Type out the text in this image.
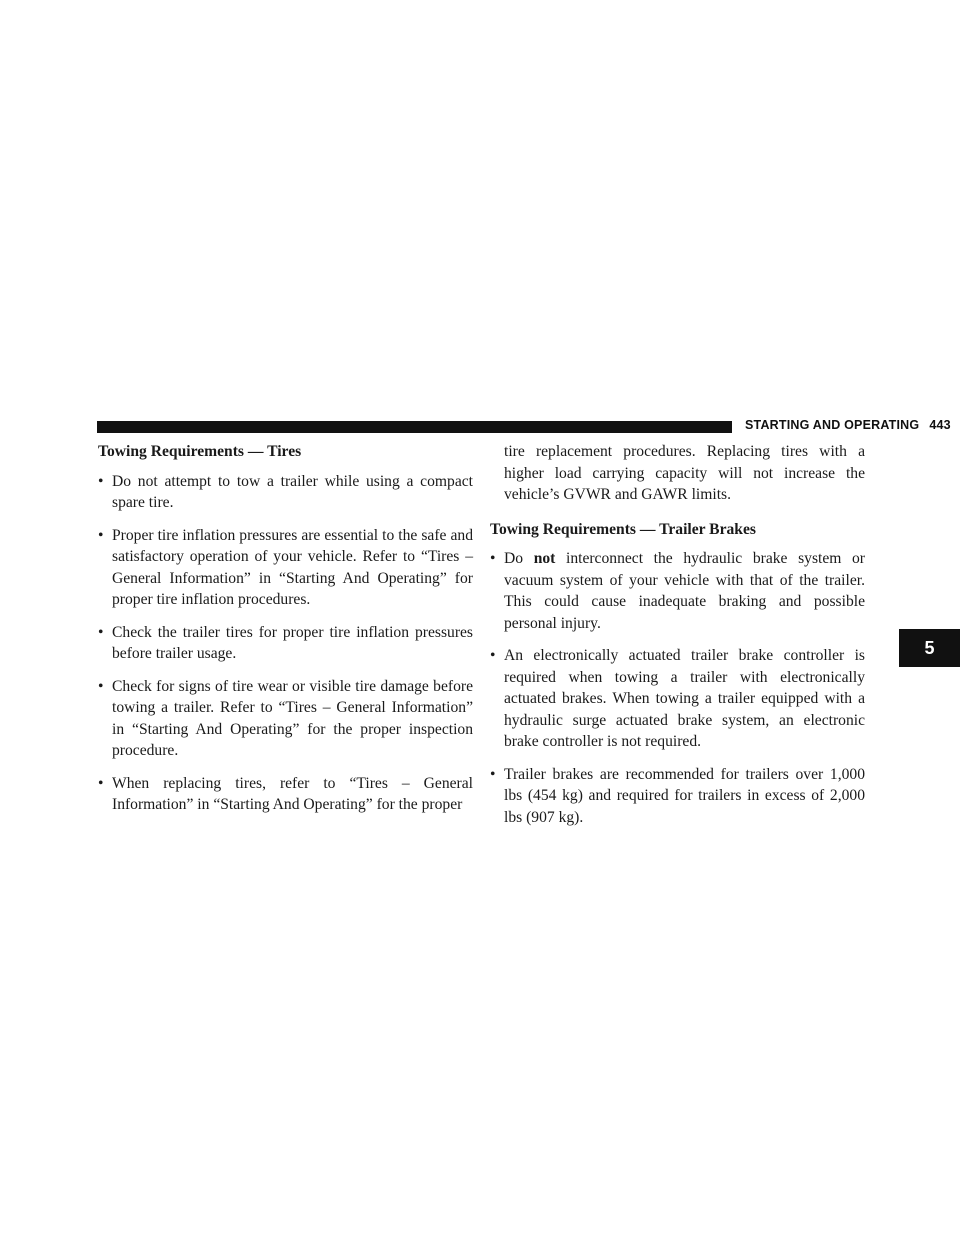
STARTING AND OPERATING 443
5
Towing Requirements — Tires
• Do not attempt to tow a trailer while using a compact spare tire.
• Proper tire inflation pressures are essential to the safe and satisfactory operation of your vehicle. Refer to “Tires – General Information” in “Starting And Operating” for proper tire inflation procedures.
• Check the trailer tires for proper tire inflation pressures before trailer usage.
• Check for signs of tire wear or visible tire damage before towing a trailer. Refer to “Tires – General Information” in “Starting And Operating” for the proper inspection procedure.
• When replacing tires, refer to “Tires – General Information” in “Starting And Operating” for the proper

tire replacement procedures. Replacing tires with a higher load carrying capacity will not increase the vehicle’s GVWR and GAWR limits.

Towing Requirements — Trailer Brakes
• Do not interconnect the hydraulic brake system or vacuum system of your vehicle with that of the trailer. This could cause inadequate braking and possible personal injury.
• An electronically actuated trailer brake controller is required when towing a trailer with electronically actuated brakes. When towing a trailer equipped with a hydraulic surge actuated brake system, an electronic brake controller is not required.
• Trailer brakes are recommended for trailers over 1,000 lbs (454 kg) and required for trailers in excess of 2,000 lbs (907 kg).
